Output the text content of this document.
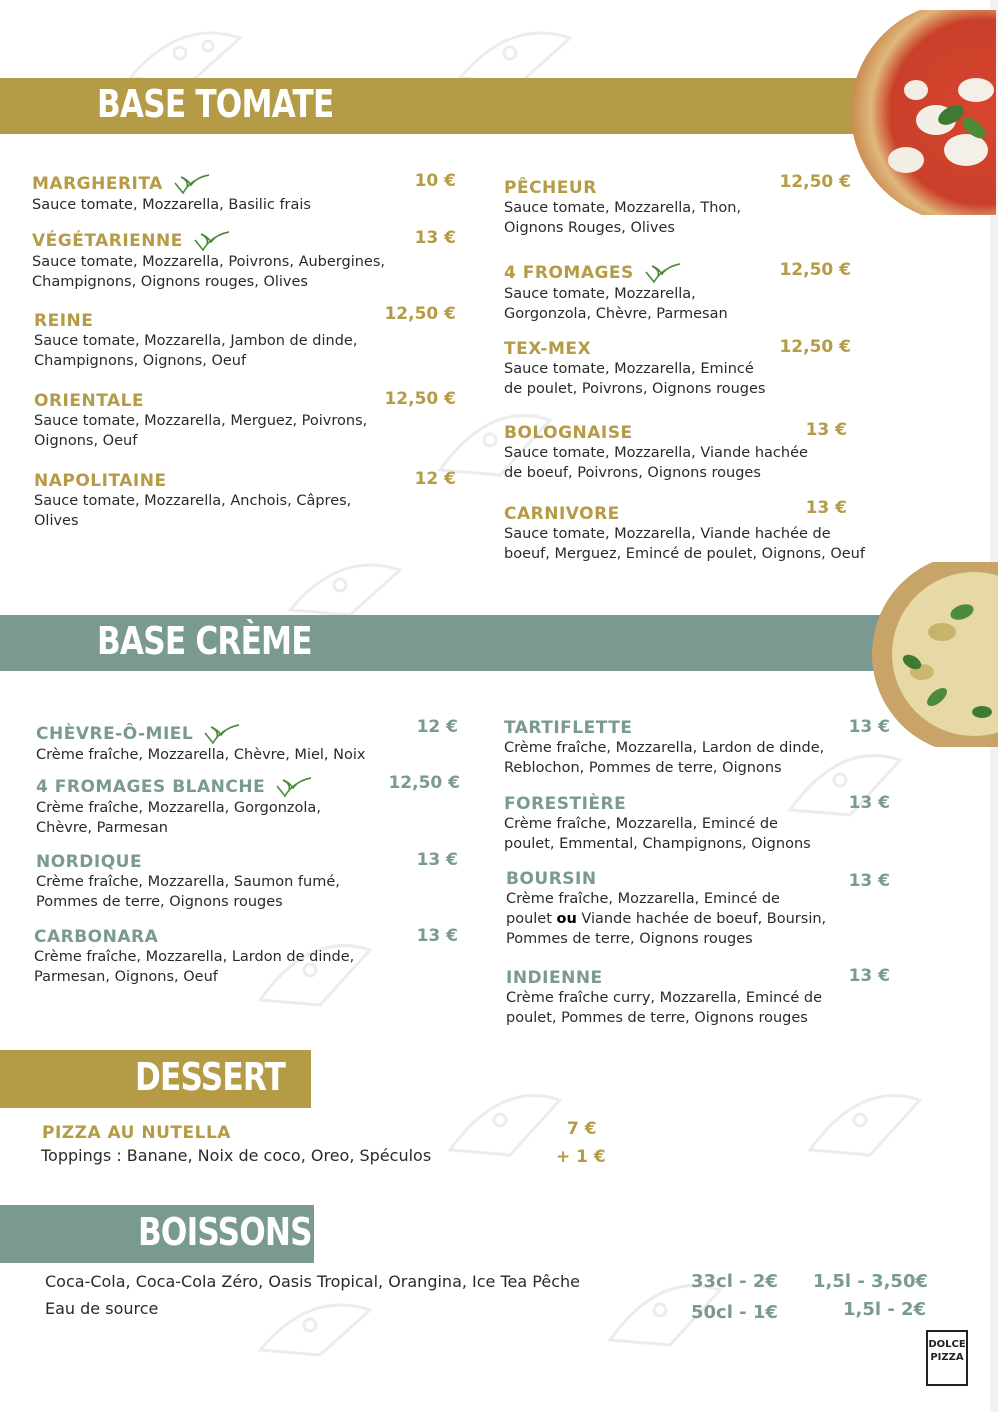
BASE TOMATE
MARGHERITA
Sauce tomate, Mozzarella, Basilic frais
10 €
VÉGÉTARIENNE
Sauce tomate, Mozzarella, Poivrons, Aubergines,
Champignons, Oignons rouges, Olives
13 €
REINE
Sauce tomate, Mozzarella, Jambon de dinde,
Champignons, Oignons, Oeuf
12,50 €
ORIENTALE
Sauce tomate, Mozzarella, Merguez, Poivrons,
Oignons, Oeuf
12,50 €
NAPOLITAINE
Sauce tomate, Mozzarella, Anchois, Câpres,
Olives
12 €
PÊCHEUR
Sauce tomate, Mozzarella, Thon,
Oignons Rouges, Olives
12,50 €
4 FROMAGES
Sauce tomate, Mozzarella,
Gorgonzola, Chèvre, Parmesan
12,50 €
TEX-MEX
Sauce tomate, Mozzarella, Emincé
de poulet, Poivrons, Oignons rouges
12,50 €
BOLOGNAISE
Sauce tomate, Mozzarella, Viande hachée
de boeuf, Poivrons, Oignons rouges
13 €
CARNIVORE
Sauce tomate, Mozzarella, Viande hachée de
boeuf, Merguez, Emincé de poulet, Oignons, Oeuf
13 €
BASE CRÈME
CHÈVRE-Ô-MIEL
Crème fraîche, Mozzarella, Chèvre, Miel, Noix
12 €
4 FROMAGES BLANCHE
Crème fraîche, Mozzarella, Gorgonzola,
Chèvre, Parmesan
12,50 €
NORDIQUE
Crème fraîche, Mozzarella, Saumon fumé,
Pommes de terre, Oignons rouges
13 €
CARBONARA
Crème fraîche, Mozzarella, Lardon de dinde,
Parmesan, Oignons, Oeuf
13 €
TARTIFLETTE
Crème fraîche, Mozzarella, Lardon de dinde,
Reblochon, Pommes de terre, Oignons
13 €
FORESTIÈRE
Crème fraîche, Mozzarella, Emincé de
poulet, Emmental, Champignons, Oignons
13 €
BOURSIN
Crème fraîche, Mozzarella, Emincé de
poulet ou Viande hachée de boeuf, Boursin,
Pommes de terre, Oignons rouges
13 €
INDIENNE
Crème fraîche curry, Mozzarella, Emincé de
poulet, Pommes de terre, Oignons rouges
13 €
DESSERT
PIZZA AU NUTELLA	7 €
Toppings : Banane, Noix de coco, Oreo, Spéculos	+ 1 €
BOISSONS
Coca-Cola, Coca-Cola Zéro, Oasis Tropical, Orangina, Ice Tea Pêche
Eau de source
33cl - 2€ 1,5l - 3,50€
50cl - 1€	1,5l - 2€
DOLCE
PIZZA
